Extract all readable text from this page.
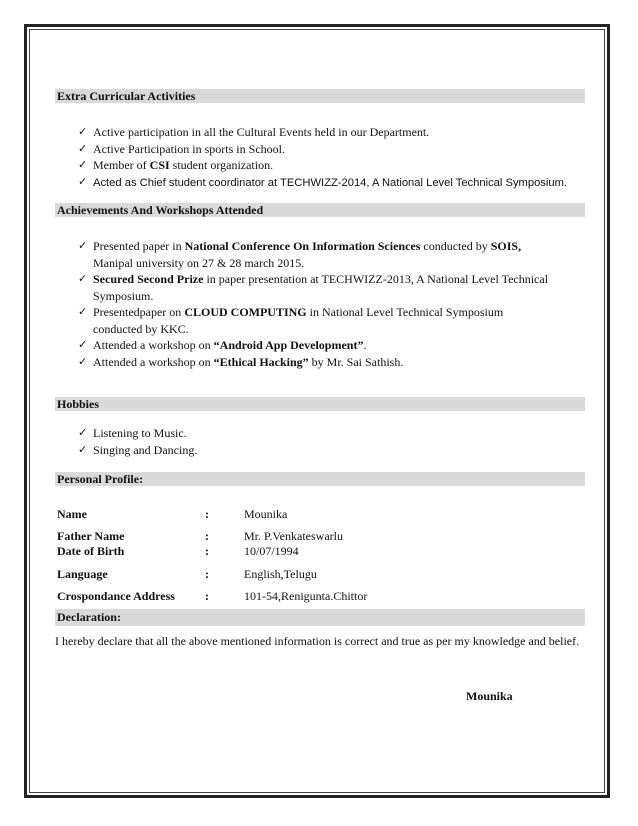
Extra Curricular Activities
✓ Active participation in all the Cultural Events held in our Department.
✓ Active Participation in sports in School.
✓ Member of CSI student organization.
✓ Acted as Chief student coordinator at TECHWIZZ-2014, A National Level Technical Symposium.
Achievements And Workshops Attended
✓ Presented paper in National Conference On Information Sciences conducted by SOIS,
Manipal university on 27 & 28 march 2015.
✓ Secured Second Prize in paper presentation at TECHWIZZ-2013, A National Level Technical
Symposium.
✓ Presentedpaper on CLOUD COMPUTING in National Level Technical Symposium
conducted by KKC.
✓ Attended a workshop on “Android App Development”.
✓ Attended a workshop on “Ethical Hacking” by Mr. Sai Sathish.
Hobbies
✓ Listening to Music.
✓ Singing and Dancing.
Personal Profile:
Name	:	Mounika
Father Name	:	Mr. P.Venkateswarlu
Date of Birth	:	10/07/1994
Language	:	English,Telugu
Crospondance Address	:	101-54,Renigunta.Chittor
Declaration:
I hereby declare that all the above mentioned information is correct and true as per my knowledge and belief.
Mounika
